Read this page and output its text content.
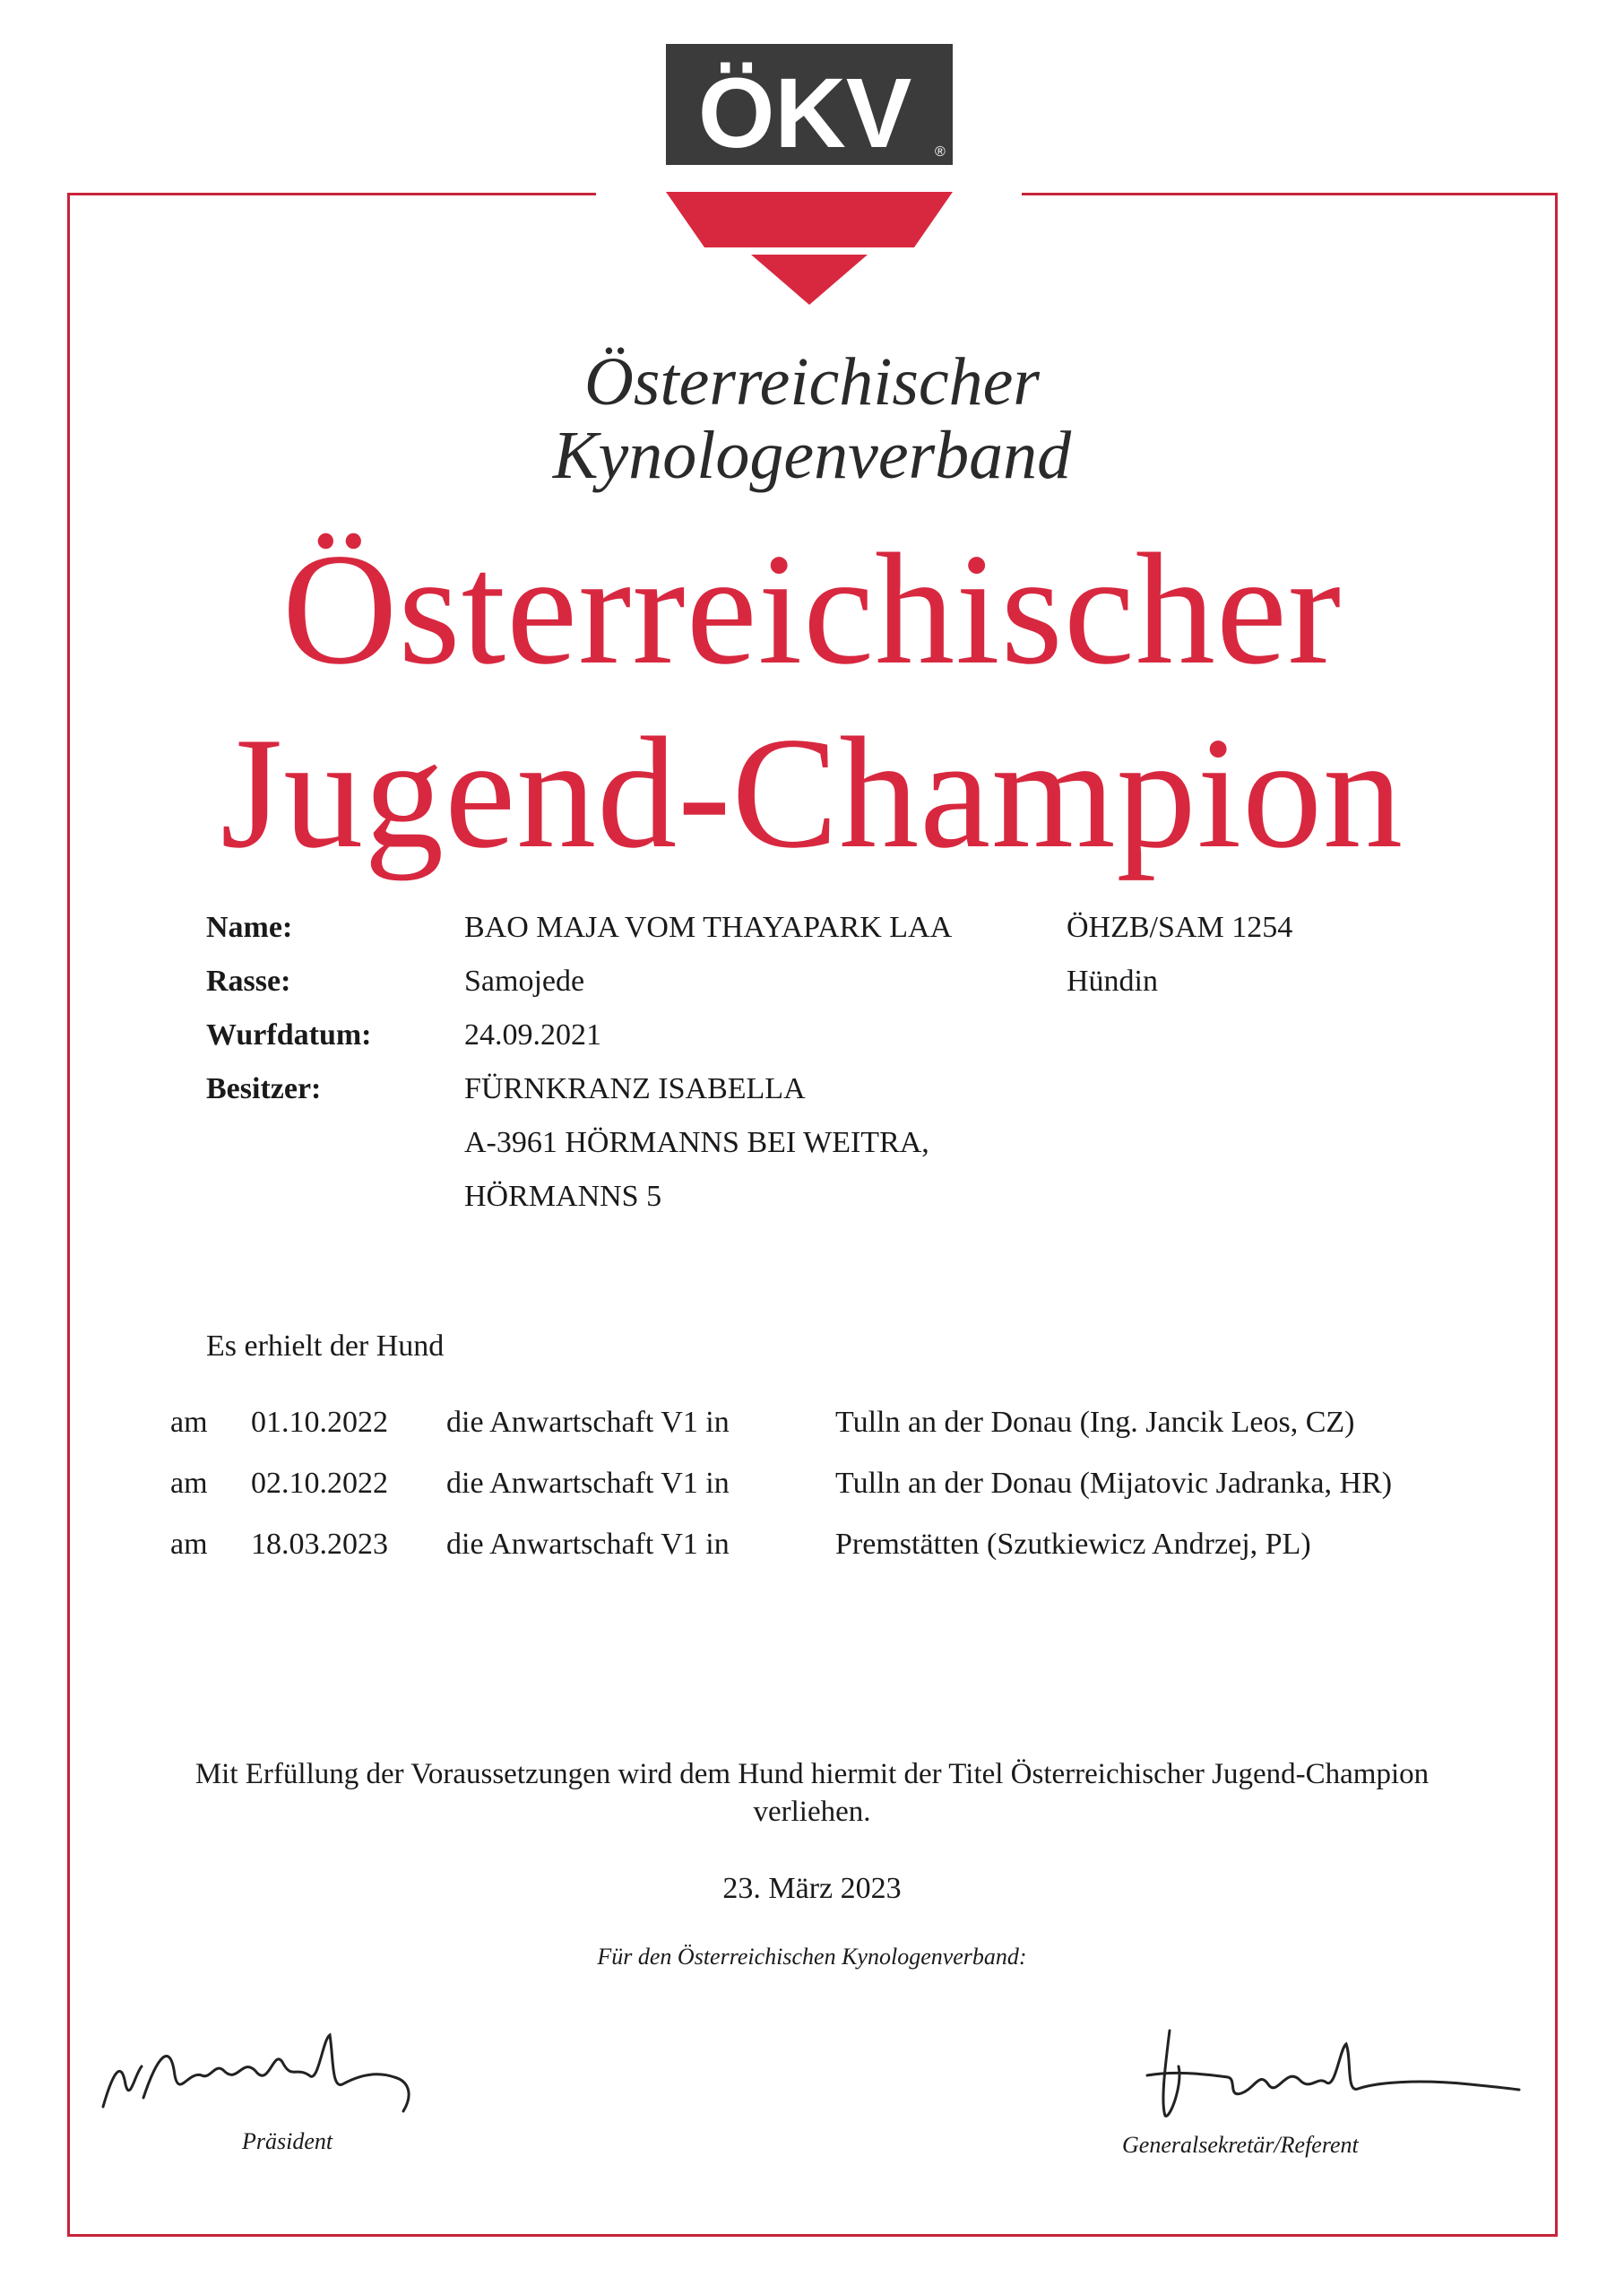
ÖKV ®
Österreichischer
Kynologenverband
Österreichischer
Jugend-Champion
Name:	BAO MAJA VOM THAYAPARK LAA	ÖHZB/SAM 1254
Rasse:	Samojede	Hündin
Wurfdatum:	24.09.2021
Besitzer:	FÜRNKRANZ ISABELLA
A-3961 HÖRMANNS BEI WEITRA,
HÖRMANNS 5
Es erhielt der Hund
am 01.10.2022 die Anwartschaft V1 in	Tulln an der Donau (Ing. Jancik Leos, CZ)
am 02.10.2022 die Anwartschaft V1 in	Tulln an der Donau (Mijatovic Jadranka, HR)
am 18.03.2023 die Anwartschaft V1 in	Premstätten (Szutkiewicz Andrzej, PL)
Mit Erfüllung der Voraussetzungen wird dem Hund hiermit der Titel Österreichischer Jugend-Champion
verliehen.
23. März 2023
Für den Österreichischen Kynologenverband:
Präsident	Generalsekretär/Referent
